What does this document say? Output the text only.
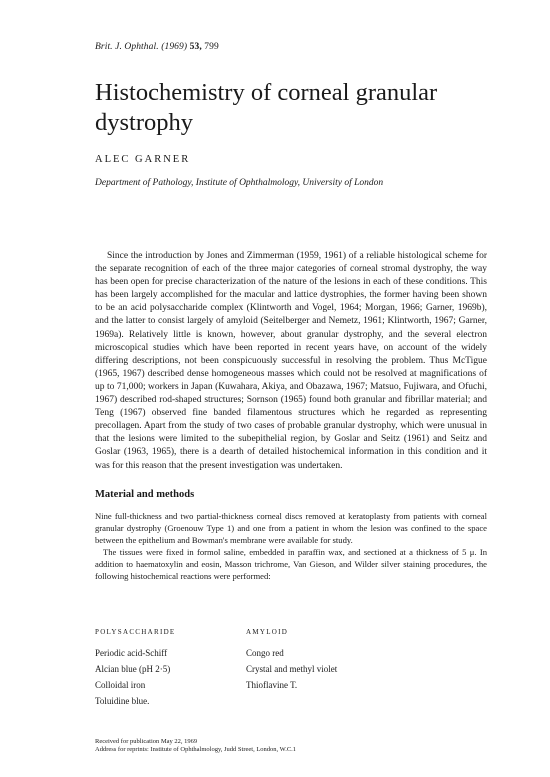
Brit. J. Ophthal. (1969) 53, 799
Histochemistry of corneal granular dystrophy
ALEC GARNER
Department of Pathology, Institute of Ophthalmology, University of London

Since the introduction by Jones and Zimmerman (1959, 1961) of a reliable histological scheme for the separate recognition of each of the three major categories of corneal stromal dystrophy, the way has been open for precise characterization of the nature of the lesions in each of these conditions. This has been largely accomplished for the macular and lattice dystrophies, the former having been shown to be an acid polysaccharide complex (Klintworth and Vogel, 1964; Morgan, 1966; Garner, 1969b), and the latter to consist largely of amyloid (Seitelberger and Nemetz, 1961; Klintworth, 1967; Garner, 1969a). Relatively little is known, however, about granular dystrophy, and the several electron microscopical studies which have been reported in recent years have, on account of the widely differing descriptions, not been conspicuously successful in resolving the problem. Thus McTigue (1965, 1967) described dense homogeneous masses which could not be resolved at magnifications of up to 71,000; workers in Japan (Kuwahara, Akiya, and Obazawa, 1967; Matsuo, Fujiwara, and Ofuchi, 1967) described rod-shaped structures; Sornson (1965) found both granular and fibrillar material; and Teng (1967) observed fine banded filamentous structures which he regarded as representing precollagen. Apart from the study of two cases of probable granular dystrophy, which were unusual in that the lesions were limited to the subepithelial region, by Goslar and Seitz (1961) and Seitz and Goslar (1963, 1965), there is a dearth of detailed histochemical information in this condition and it was for this reason that the present investigation was undertaken.

Material and methods

Nine full-thickness and two partial-thickness corneal discs removed at keratoplasty from patients with corneal granular dystrophy (Groenouw Type 1) and one from a patient in whom the lesion was confined to the space between the epithelium and Bowman's membrane were available for study.

The tissues were fixed in formol saline, embedded in paraffin wax, and sectioned at a thickness of 5 μ. In addition to haematoxylin and eosin, Masson trichrome, Van Gieson, and Wilder silver staining procedures, the following histochemical reactions were performed:

POLYSACCHARIDE
Periodic acid-Schiff
Alcian blue (pH 2·5)
Colloidal iron
Toluidine blue.
AMYLOID
Congo red
Crystal and methyl violet
Thioflavine T.
Received for publication May 22, 1969
Address for reprints: Institute of Ophthalmology, Judd Street, London, W.C.1
